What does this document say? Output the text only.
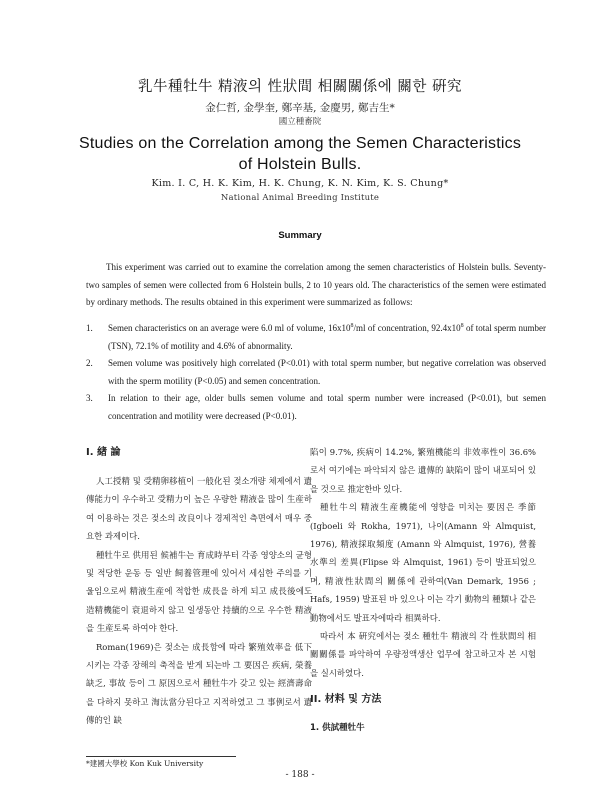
乳牛種牡牛 精液의 性狀間 相關關係에 關한 硏究
金仁哲, 金學奎, 鄭辛基, 金慶男, 鄭吉生*
國立種畜院
Studies on the Correlation among the Semen Characteristics
of Holstein Bulls.
Kim. I. C, H. K. Kim, H. K. Chung, K. N. Kim, K. S. Chung*
National Animal Breeding Institute
Summary

This experiment was carried out to examine the correlation among the semen characteristics of Holstein bulls. Seventy-two samples of semen were collected from 6 Holstein bulls, 2 to 10 years old. The characteristics of the semen were estimated by ordinary methods. The results obtained in this experiment were summarized as follows:

1. Semen characteristics on an average were 6.0 ml of volume, $16x10^8/ml$ of concentration, $92.4x10^8$ of total sperm number (TSN), 72.1% of motility and 4.6% of abnormality.
2. Semen volume was positively high correlated (P<0.01) with total sperm number, but negative correlation was observed with the sperm motility (P<0.05) and semen concentration.
3. In relation to their age, older bulls semen volume and total sperm number were increased (P<0.01), but semen concentration and motility were decreased (P<0.01).
I. 緖 論

人工授精 및 受精卵移植이 一般化된 젖소개량 체제에서 遺傳能力이 우수하고 受精力이 높은 우량한 精液을 많이 生産하여 이용하는 것은 젖소의 改良이나 경제적인 측면에서 매우 중요한 과제이다.

種牡牛로 供用된 候補牛는 育成時부터 각종 영양소의 균형 및 적당한 운동 등 일반 飼養管理에 있어서 세심한 주의를 기울임으로써 精液生産에 적합한 成長을 하게 되고 成長後에도 造精機能이 衰退하지 않고 일생동안 持續的으로 우수한 精液을 生産토록 하여야 한다.

Roman(1969)은 젖소는 成長함에 따라 繁殖效率을 低下시키는 각종 장해의 축적을 받게 되는바 그 要因은 疾病, 榮養缺乏, 事故 등이 그 原因으로서 種牡牛가 갖고 있는 經濟壽命을 다하지 못하고 淘汰當分된다고 지적하였고 그 事例로서 遺傳的인 缺

陷이 9.7%, 疾病이 14.2%, 繁殖機能의 非效率性이 36.6%로서 여기에는 파악되지 않은 遺傳的 缺陷이 많이 내포되어 있을 것으로 推定한바 있다.

種牡牛의 精液生産機能에 영향을 미치는 要因은 季節(Igboeli 와 Rokha, 1971), 나이(Amann 와 Almquist, 1976), 精液採取頻度 (Amann 와 Almquist, 1976), 營養水準의 差異(Flipse 와 Almquist, 1961) 등이 발표되었으며, 精液性狀間의 關係에 관하여(Van Demark, 1956 ; Hafs, 1959) 발표된 바 있으나 이는 각기 動物의 種類나 같은 動物에서도 발표자에따라 相異하다.

따라서 本 硏究에서는 젖소 種牡牛 精液의 각 性狀間의 相關關係를 파악하여 우량정액생산 업무에 참고하고자 본 시험을 실시하였다.

II. 材料 및 方法
1. 供試種牡牛
*建國大學校 Kon Kuk University
- 188 -
